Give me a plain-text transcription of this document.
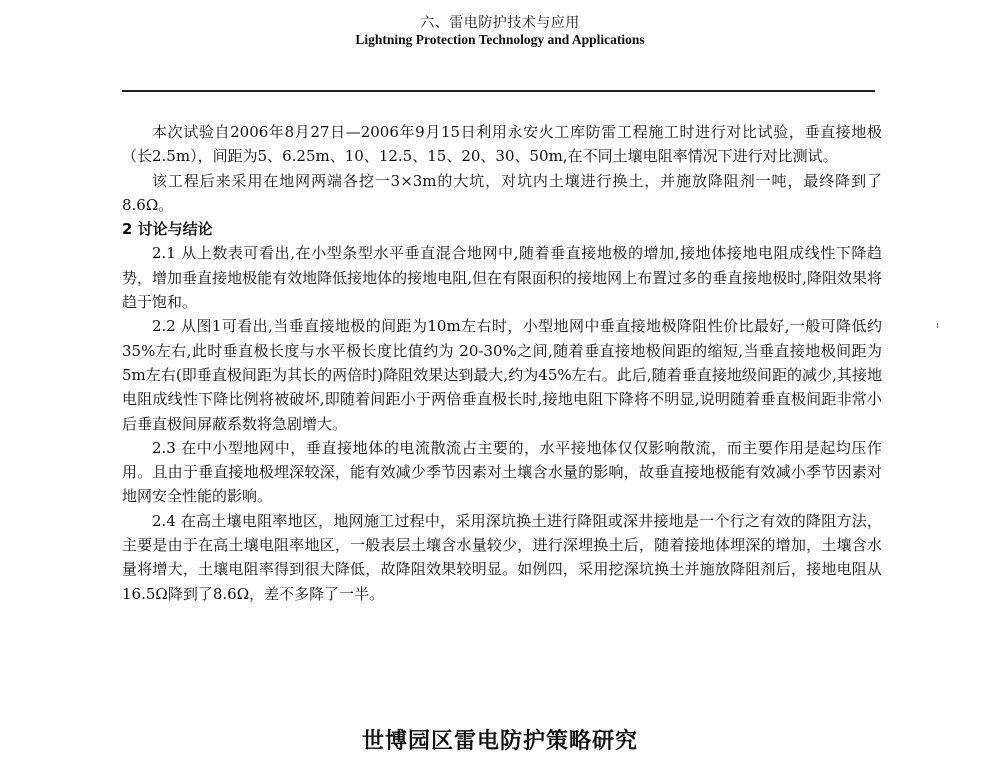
六、雷电防护技术与应用
Lightning Protection Technology and Applications

本次试验自2006年8月27日—2006年9月15日利用永安火工库防雷工程施工时进行对比试验，垂直接地极（长2.5m），间距为5、6.25m、10、12.5、15、20、30、50m,在不同土壤电阻率情况下进行对比测试。

该工程后来采用在地网两端各挖一3×3m的大坑，对坑内土壤进行换土，并施放降阻剂一吨，最终降到了8.6Ω。

2 讨论与结论

2.1 从上数表可看出,在小型条型水平垂直混合地网中,随着垂直接地极的增加,接地体接地电阻成线性下降趋势，增加垂直接地极能有效地降低接地体的接地电阻,但在有限面积的接地网上布置过多的垂直接地极时,降阻效果将趋于饱和。

2.2 从图1可看出,当垂直接地极的间距为10m左右时，小型地网中垂直接地极降阻性价比最好,一般可降低约 35%左右,此时垂直极长度与水平极长度比值约为 20-30%之间,随着垂直接地极间距的缩短,当垂直接地极间距为5m左右(即垂直极间距为其长的两倍时)降阻效果达到最大,约为45%左右。此后,随着垂直接地级间距的减少,其接地电阻成线性下降比例将被破坏,即随着间距小于两倍垂直极长时,接地电阻下降将不明显,说明随着垂直极间距非常小后垂直极间屏蔽系数将急剧增大。

2.3 在中小型地网中，垂直接地体的电流散流占主要的，水平接地体仅仅影响散流，而主要作用是起均压作用。且由于垂直接地极埋深较深，能有效减少季节因素对土壤含水量的影响，故垂直接地极能有效减小季节因素对地网安全性能的影响。

2.4 在高土壤电阻率地区，地网施工过程中，采用深坑换土进行降阻或深井接地是一个行之有效的降阻方法，主要是由于在高土壤电阻率地区，一般表层土壤含水量较少，进行深埋换土后，随着接地体埋深的增加，土壤含水量将增大，土壤电阻率得到很大降低，故降阻效果较明显。如例四，采用挖深坑换土并施放降阻剂后，接地电阻从16.5Ω降到了8.6Ω，差不多降了一半。

世博园区雷电防护策略研究
